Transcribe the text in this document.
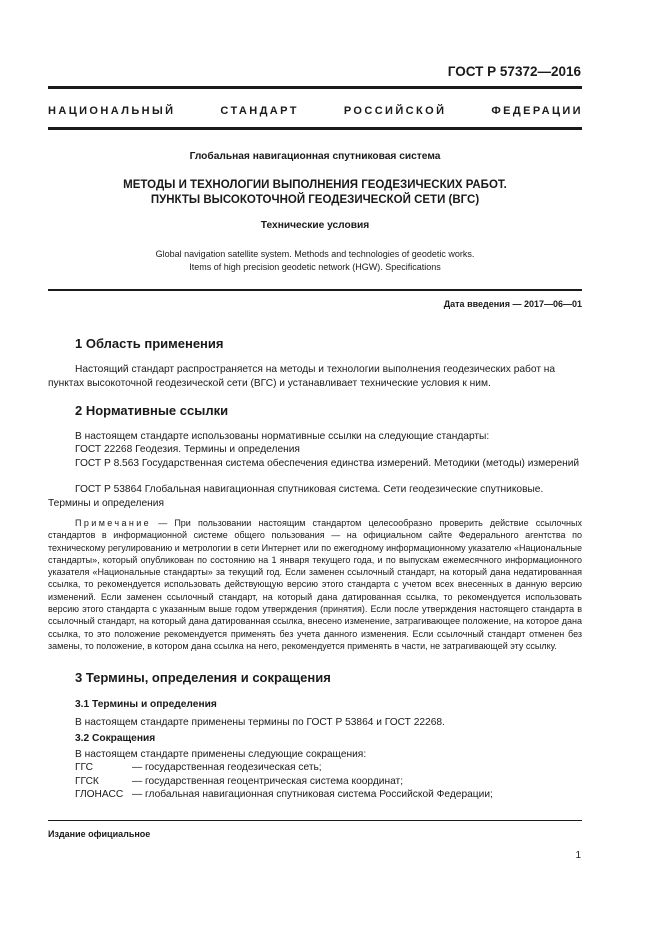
ГОСТ Р 57372—2016
НАЦИОНАЛЬНЫЙ	СТАНДАРТ	РОССИЙСКОЙ	ФЕДЕРАЦИИ
Глобальная навигационная спутниковая система
МЕТОДЫ И ТЕХНОЛОГИИ ВЫПОЛНЕНИЯ ГЕОДЕЗИЧЕСКИХ РАБОТ.
ПУНКТЫ ВЫСОКОТОЧНОЙ ГЕОДЕЗИЧЕСКОЙ СЕТИ (ВГС)
Технические условия
Global navigation satellite system. Methods and technologies of geodetic works.
Items of high precision geodetic network (HGW). Specifications
Дата введения — 2017—06—01
1 Область применения
Настоящий стандарт распространяется на методы и технологии выполнения геодезических работ на пунктах высокоточной геодезической сети (ВГС) и устанавливает технические условия к ним.
2 Нормативные ссылки
В настоящем стандарте использованы нормативные ссылки на следующие стандарты:
ГОСТ 22268 Геодезия. Термины и определения
ГОСТ Р 8.563 Государственная система обеспечения единства измерений. Методики (методы) измерений
ГОСТ Р 53864 Глобальная навигационная спутниковая система. Сети геодезические спутниковые. Термины и определения
Примечание — При пользовании настоящим стандартом целесообразно проверить действие ссылочных стандартов в информационной системе общего пользования — на официальном сайте Федерального агентства по техническому регулированию и метрологии в сети Интернет или по ежегодному информационному указателю «Национальные стандарты», который опубликован по состоянию на 1 января текущего года, и по выпускам ежемесячного информационного указателя «Национальные стандарты» за текущий год. Если заменен ссылочный стандарт, на который дана недатированная ссылка, то рекомендуется использовать действующую версию этого стандарта с учетом всех внесенных в данную версию изменений. Если заменен ссылочный стандарт, на который дана датированная ссылка, то рекомендуется использовать версию этого стандарта с указанным выше годом утверждения (принятия). Если после утверждения настоящего стандарта в ссылочный стандарт, на который дана датированная ссылка, внесено изменение, затрагивающее положение, на которое дана ссылка, то это положение рекомендуется применять без учета данного изменения. Если ссылочный стандарт отменен без замены, то положение, в котором дана ссылка на него, рекомендуется применять в части, не затрагивающей эту ссылку.
3 Термины, определения и сокращения
3.1 Термины и определения
В настоящем стандарте применены термины по ГОСТ Р 53864 и ГОСТ 22268.
3.2 Сокращения
В настоящем стандарте применены следующие сокращения:
ГГС	— государственная геодезическая сеть;
ГГСК	— государственная геоцентрическая система координат;
ГЛОНАСС — глобальная навигационная спутниковая система Российской Федерации;
Издание официальное
1
